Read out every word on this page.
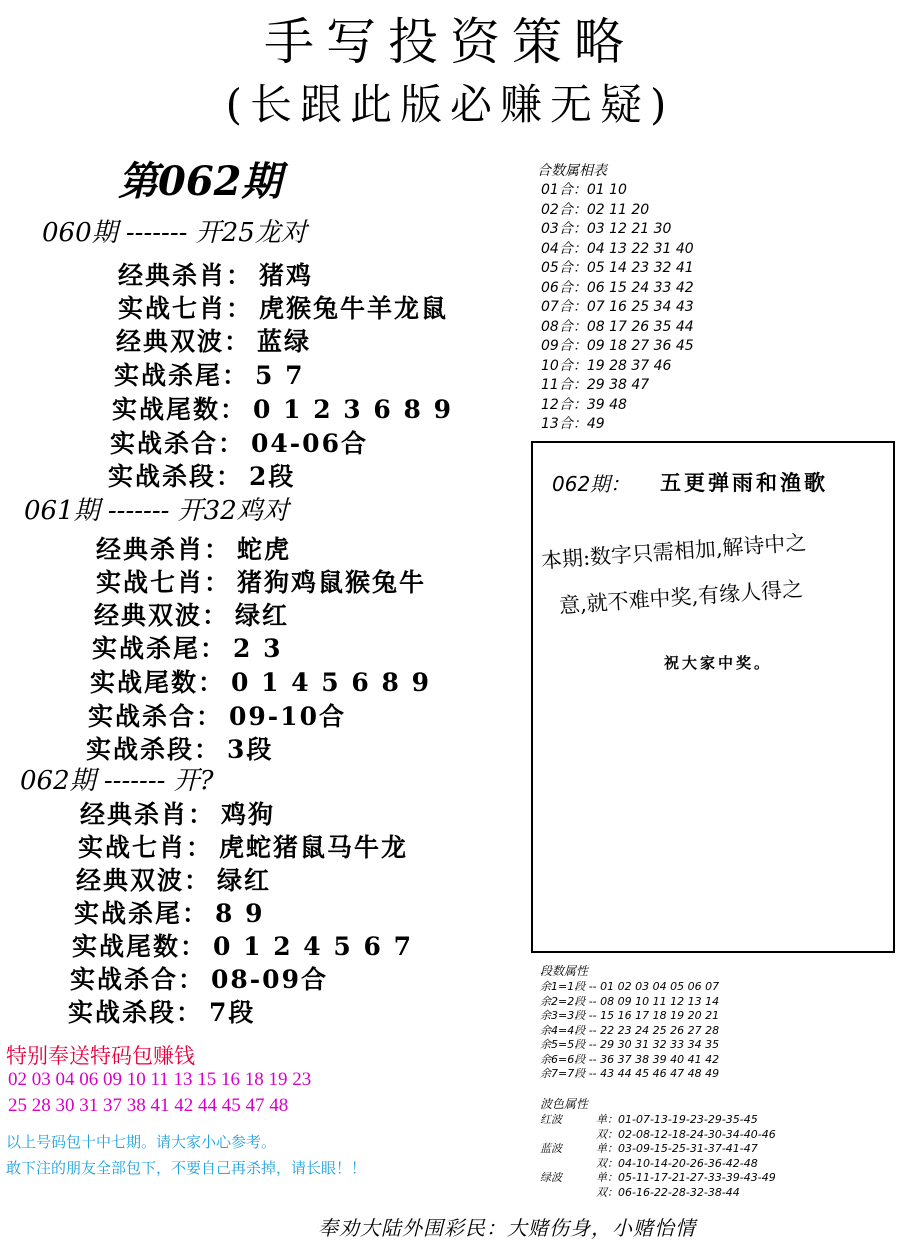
手写投资策略
(长跟此版必赚无疑)
第062期
060期 ------- 开25龙对
经典杀肖： 猪鸡
实战七肖： 虎猴兔牛羊龙鼠
经典双波： 蓝绿
实战杀尾： 5 7
实战尾数： 0 1 2 3 6 8 9
实战杀合： 04-06合
实战杀段： 2段
061期 ------- 开32鸡对
经典杀肖： 蛇虎
实战七肖： 猪狗鸡鼠猴兔牛
经典双波： 绿红
实战杀尾： 2 3
实战尾数： 0 1 4 5 6 8 9
实战杀合： 09-10合
实战杀段： 3段
062期 ------- 开?
经典杀肖： 鸡狗
实战七肖： 虎蛇猪鼠马牛龙
经典双波： 绿红
实战杀尾： 8 9
实战尾数： 0 1 2 4 5 6 7
实战杀合： 08-09合
实战杀段： 7段
合数属相表
01合：01 10
02合：02 11 20
03合：03 12 21 30
04合：04 13 22 31 40
05合：05 14 23 32 41
06合：06 15 24 33 42
07合：07 16 25 34 43
08合：08 17 26 35 44
09合：09 18 27 36 45
10合：19 28 37 46
11合：29 38 47
12合：39 48
13合：49
062期： 五更弹雨和渔歌
本期:数字只需相加,解诗中之
意,就不难中奖,有缘人得之
祝大家中奖。
段数属性
余1=1段 -- 01 02 03 04 05 06 07
余2=2段 -- 08 09 10 11 12 13 14
余3=3段 -- 15 16 17 18 19 20 21
余4=4段 -- 22 23 24 25 26 27 28
余5=5段 -- 29 30 31 32 33 34 35
余6=6段 -- 36 37 38 39 40 41 42
余7=7段 -- 43 44 45 46 47 48 49
波色属性
红波	单：01-07-13-19-23-29-35-45
双：02-08-12-18-24-30-34-40-46
蓝波	单：03-09-15-25-31-37-41-47
双：04-10-14-20-26-36-42-48
绿波	单：05-11-17-21-27-33-39-43-49
双：06-16-22-28-32-38-44
特别奉送特码包赚钱
02 03 04 06 09 10 11 13 15 16 18 19 23
25 28 30 31 37 38 41 42 44 45 47 48
以上号码包十中七期。请大家小心参考。
敢下注的朋友全部包下，不要自己再杀掉，请长眼！！
奉劝大陆外围彩民：大赌伤身，小赌怡情
